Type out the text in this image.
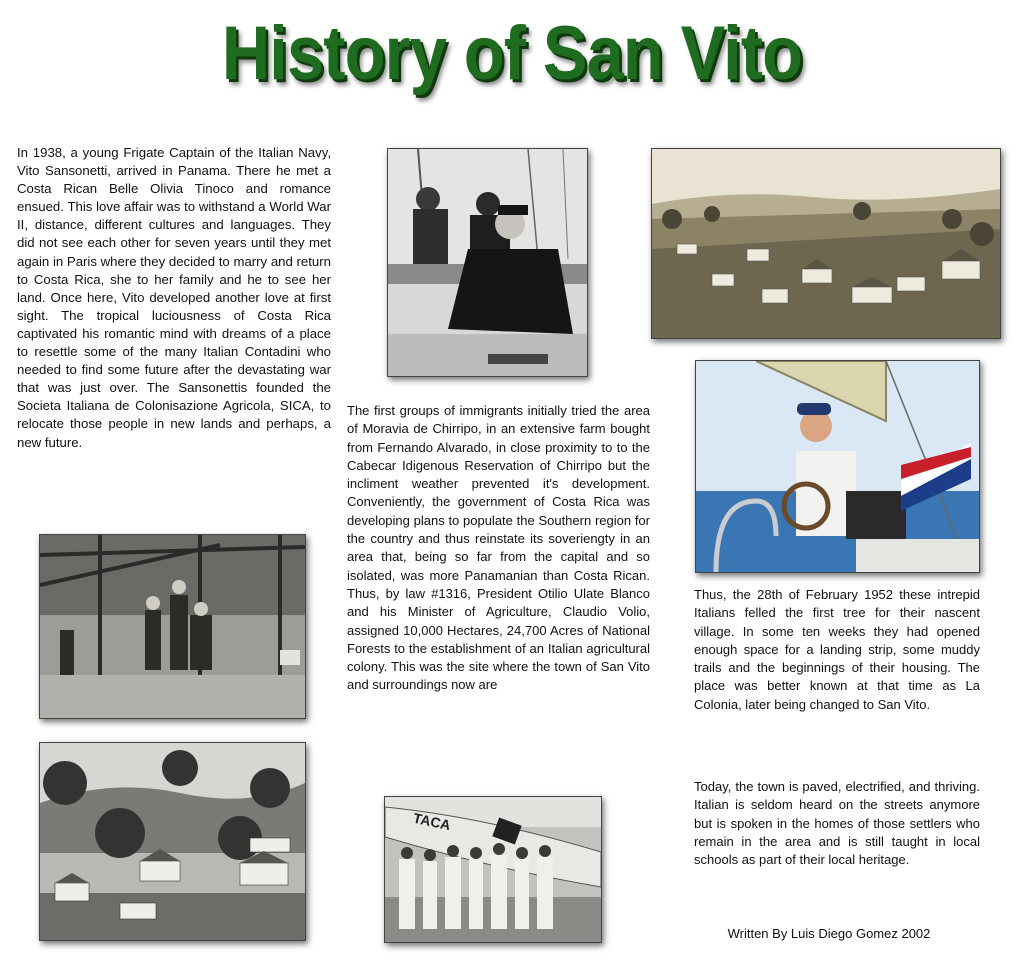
History of San Vito

In 1938, a young Frigate Captain of the Italian Navy, Vito Sansonetti, arrived in Panama. There he met a Costa Rican Belle Olivia Tinoco and romance ensued. This love affair was to withstand a World War II, distance, different cultures and languages. They did not see each other for seven years until they met again in Paris where they decided to marry and return to Costa Rica, she to her family and he to see her land. Once here, Vito developed another love at first sight. The tropical luciousness of Costa Rica captivated his romantic mind with dreams of a place to resettle some of the many Italian Contadini who needed to find some future after the devastating war that was just over. The Sansonettis founded the Societa Italiana de Colonisazione Agricola, SICA, to relocate those people in new lands and perhaps, a new future.

The first groups of immigrants initially tried the area of Moravia de Chirripo, in an extensive farm bought from Fernando Alvarado, in close proximity to to the Cabecar Idigenous Reservation of Chirripo but the incliment weather prevented it's development. Conveniently, the government of Costa Rica was developing plans to populate the Southern region for the country and thus reinstate its soveriengty in an area that, being so far from the capital and so isolated, was more Panamanian than Costa Rican. Thus, by law #1316, President Otilio Ulate Blanco and his Minister of Agriculture, Claudio Volio, assigned 10,000 Hectares, 24,700 Acres of National Forests to the establishment of an Italian agricultural colony. This was the site where the town of San Vito and surroundings now are

Thus, the 28th of February 1952 these intrepid Italians felled the first tree for their nascent village. In some ten weeks they had opened enough space for a landing strip, some muddy trails and the beginnings of their housing. The place was better known at that time as La Colonia, later being changed to San Vito.

Today, the town is paved, electrified, and thriving. Italian is seldom heard on the streets anymore but is spoken in the homes of those settlers who remain in the area and is still taught in local schools as part of their local heritage.

Written By Luis Diego Gomez 2002
TACA
